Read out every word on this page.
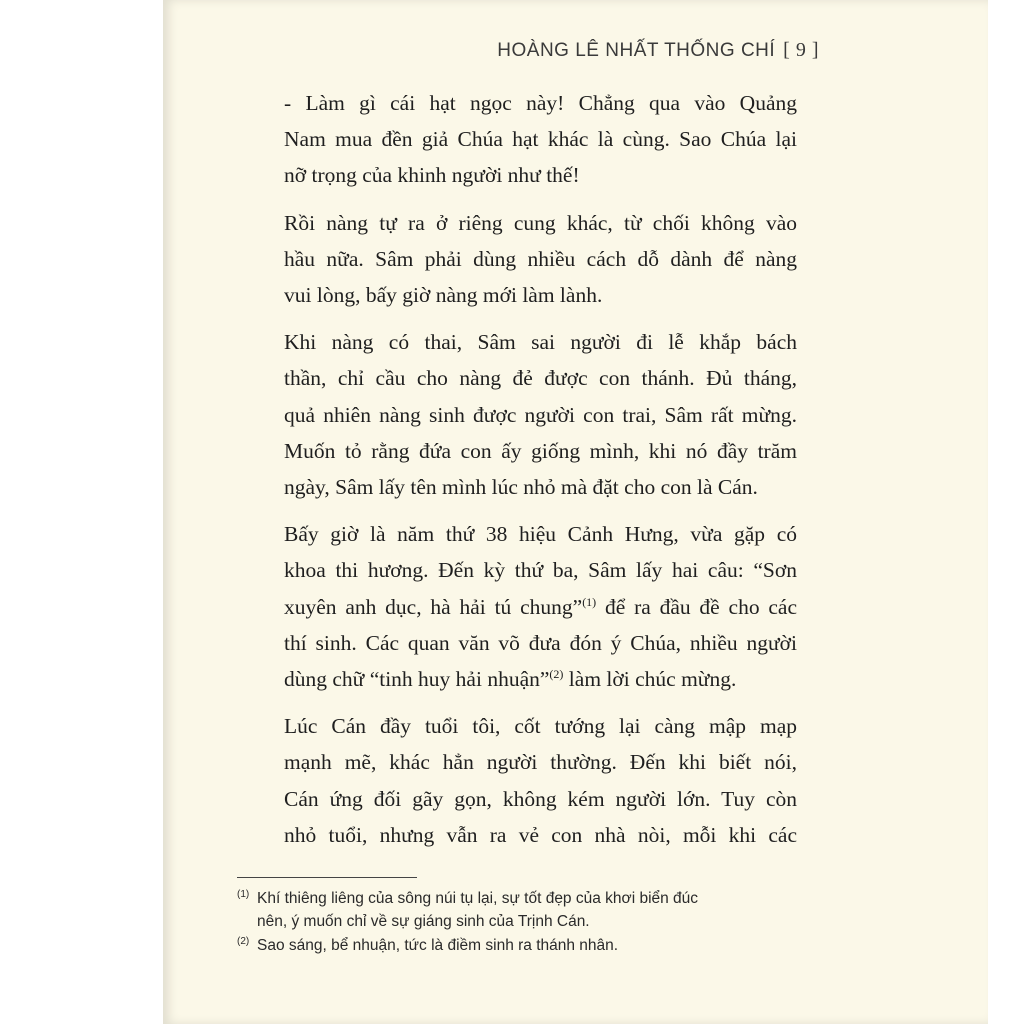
HOÀNG LÊ NHẤT THỐNG CHÍ [ 9 ]

- Làm gì cái hạt ngọc này! Chẳng qua vào Quảng
Nam mua đền giả Chúa hạt khác là cùng. Sao Chúa lại
nỡ trọng của khinh người như thế!

Rồi nàng tự ra ở riêng cung khác, từ chối không vào
hầu nữa. Sâm phải dùng nhiều cách dỗ dành để nàng
vui lòng, bấy giờ nàng mới làm lành.

Khi nàng có thai, Sâm sai người đi lễ khắp bách
thần, chỉ cầu cho nàng đẻ được con thánh. Đủ tháng,
quả nhiên nàng sinh được người con trai, Sâm rất mừng.
Muốn tỏ rằng đứa con ấy giống mình, khi nó đầy trăm
ngày, Sâm lấy tên mình lúc nhỏ mà đặt cho con là Cán.

Bấy giờ là năm thứ 38 hiệu Cảnh Hưng, vừa gặp có
khoa thi hương. Đến kỳ thứ ba, Sâm lấy hai câu: “Sơn
xuyên anh dục, hà hải tú chung”$^{(1)}$ để ra đầu đề cho các
thí sinh. Các quan văn võ đưa đón ý Chúa, nhiều người
dùng chữ “tinh huy hải nhuận”$^{(2)}$ làm lời chúc mừng.

Lúc Cán đầy tuổi tôi, cốt tướng lại càng mập mạp
mạnh mẽ, khác hẳn người thường. Đến khi biết nói,
Cán ứng đối gãy gọn, không kém người lớn. Tuy còn
nhỏ tuổi, nhưng vẫn ra vẻ con nhà nòi, mỗi khi các

(1) Khí thiêng liêng của sông núi tụ lại, sự tốt đẹp của khơi biển đúc
nên, ý muốn chỉ về sự giáng sinh của Trịnh Cán.
(2) Sao sáng, bể nhuận, tức là điềm sinh ra thánh nhân.
